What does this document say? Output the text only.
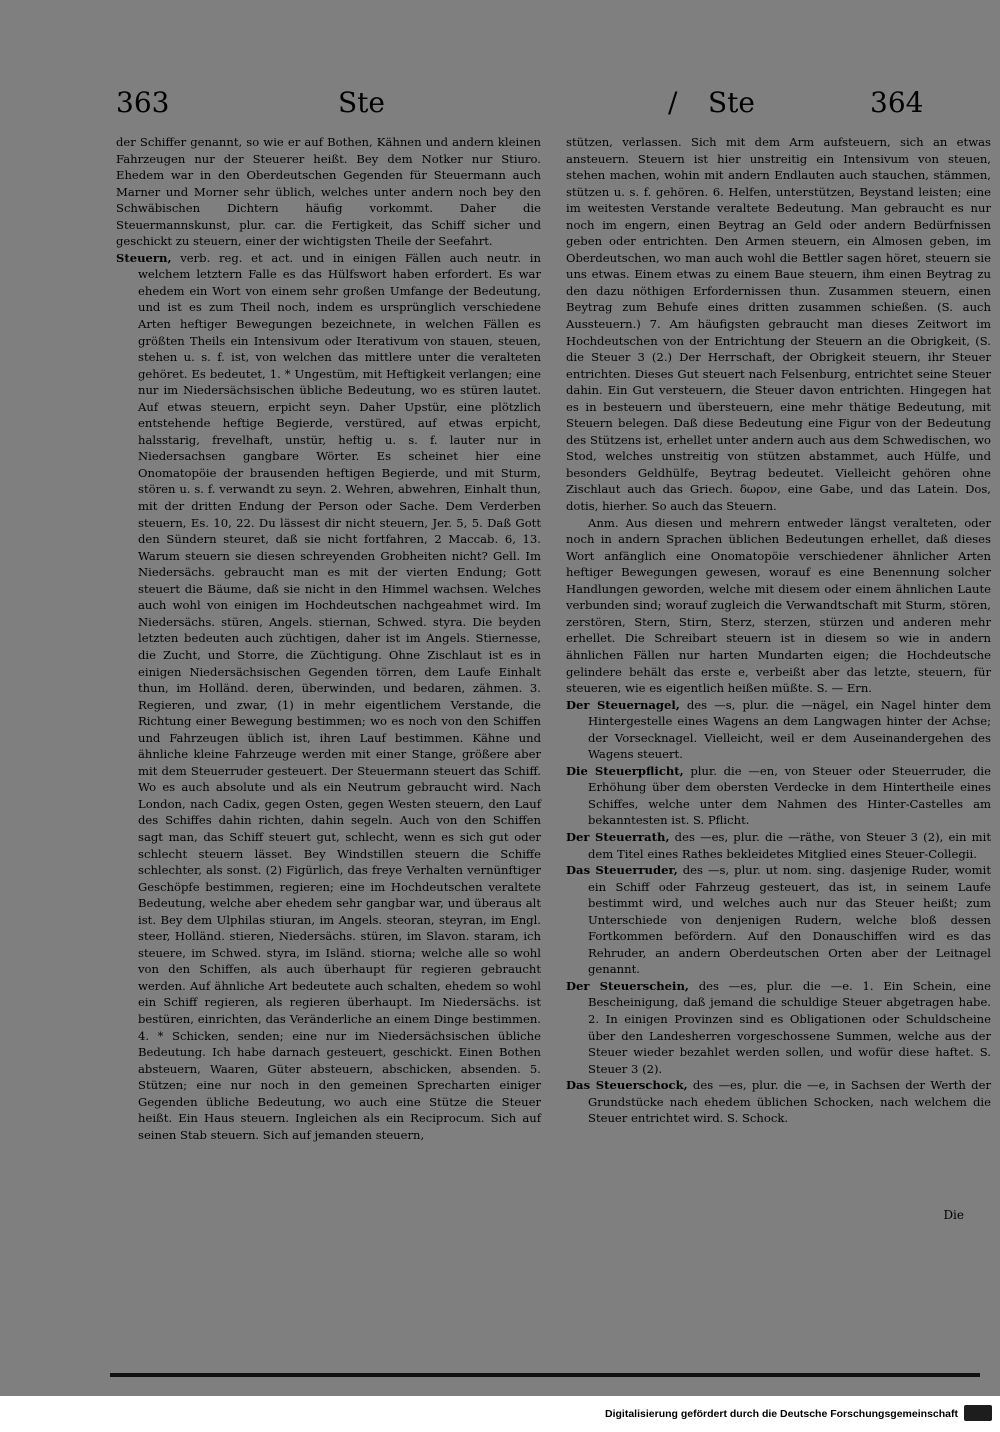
363	Ste	/ Ste	364

der Schiffer genannt, so wie er auf Bothen, Kähnen und andern kleinen Fahrzeugen nur der Steuerer heißt. Bey dem Notker nur Stiuro. Ehedem war in den Oberdeutschen Gegenden für Steuermann auch Marner und Morner sehr üblich, welches unter andern noch bey den Schwäbischen Dichtern häufig vorkommt. Daher die Steuermannskunst, plur. car. die Fertigkeit, das Schiff sicher und geschickt zu steuern, einer der wichtigsten Theile der Seefahrt.

Steuern, verb. reg. et act. und in einigen Fällen auch neutr. in welchem letztern Falle es das Hülfswort haben erfordert. Es war ehedem ein Wort von einem sehr großen Umfange der Bedeutung, und ist es zum Theil noch, indem es ursprünglich verschiedene Arten heftiger Bewegungen bezeichnete, in welchen Fällen es größten Theils ein Intensivum oder Iterativum von stauen, steuen, stehen u. s. f. ist, von welchen das mittlere unter die veralteten gehöret. Es bedeutet, 1. * Ungestüm, mit Heftigkeit verlangen; eine nur im Niedersächsischen übliche Bedeutung, wo es stüren lautet. Auf etwas steuern, erpicht seyn. Daher Upstür, eine plötzlich entstehende heftige Begierde, verstüred, auf etwas erpicht, halsstarig, frevelhaft, unstür, heftig u. s. f. lauter nur in Niedersachsen gangbare Wörter. Es scheinet hier eine Onomatopöie der brausenden heftigen Begierde, und mit Sturm, stören u. s. f. verwandt zu seyn. 2. Wehren, abwehren, Einhalt thun, mit der dritten Endung der Person oder Sache. Dem Verderben steuern, Es. 10, 22. Du lässest dir nicht steuern, Jer. 5, 5. Daß Gott den Sündern steuret, daß sie nicht fortfahren, 2 Maccab. 6, 13. Warum steuern sie diesen schreyenden Grobheiten nicht? Gell. Im Niedersächs. gebraucht man es mit der vierten Endung; Gott steuert die Bäume, daß sie nicht in den Himmel wachsen. Welches auch wohl von einigen im Hochdeutschen nachgeahmet wird. Im Niedersächs. stüren, Angels. stiernan, Schwed. styra. Die beyden letzten bedeuten auch züchtigen, daher ist im Angels. Stiernesse, die Zucht, und Storre, die Züchtigung. Ohne Zischlaut ist es in einigen Niedersächsischen Gegenden törren, dem Laufe Einhalt thun, im Holländ. deren, überwinden, und bedaren, zähmen. 3. Regieren, und zwar, (1) in mehr eigentlichem Verstande, die Richtung einer Bewegung bestimmen; wo es noch von den Schiffen und Fahrzeugen üblich ist, ihren Lauf bestimmen. Kähne und ähnliche kleine Fahrzeuge werden mit einer Stange, größere aber mit dem Steuerruder gesteuert. Der Steuermann steuert das Schiff. Wo es auch absolute und als ein Neutrum gebraucht wird. Nach London, nach Cadix, gegen Osten, gegen Westen steuern, den Lauf des Schiffes dahin richten, dahin segeln. Auch von den Schiffen sagt man, das Schiff steuert gut, schlecht, wenn es sich gut oder schlecht steuern lässet. Bey Windstillen steuern die Schiffe schlechter, als sonst. (2) Figürlich, das freye Verhalten vernünftiger Geschöpfe bestimmen, regieren; eine im Hochdeutschen veraltete Bedeutung, welche aber ehedem sehr gangbar war, und überaus alt ist. Bey dem Ulphilas stiuran, im Angels. steoran, steyran, im Engl. steer, Holländ. stieren, Niedersächs. stüren, im Slavon. staram, ich steuere, im Schwed. styra, im Isländ. stiorna; welche alle so wohl von den Schiffen, als auch überhaupt für regieren gebraucht werden. Auf ähnliche Art bedeutete auch schalten, ehedem so wohl ein Schiff regieren, als regieren überhaupt. Im Niedersächs. ist bestüren, einrichten, das Veränderliche an einem Dinge bestimmen. 4. * Schicken, senden; eine nur im Niedersächsischen übliche Bedeutung. Ich habe darnach gesteuert, geschickt. Einen Bothen absteuern, Waaren, Güter absteuern, abschicken, absenden. 5. Stützen; eine nur noch in den gemeinen Sprecharten einiger Gegenden übliche Bedeutung, wo auch eine Stütze die Steuer heißt. Ein Haus steuern. Ingleichen als ein Reciprocum. Sich auf seinen Stab steuern. Sich auf jemanden steuern,

stützen, verlassen. Sich mit dem Arm aufsteuern, sich an etwas ansteuern. Steuern ist hier unstreitig ein Intensivum von steuen, stehen machen, wohin mit andern Endlauten auch stauchen, stämmen, stützen u. s. f. gehören. 6. Helfen, unterstützen, Beystand leisten; eine im weitesten Verstande veraltete Bedeutung. Man gebraucht es nur noch im engern, einen Beytrag an Geld oder andern Bedürfnissen geben oder entrichten. Den Armen steuern, ein Almosen geben, im Oberdeutschen, wo man auch wohl die Bettler sagen höret, steuern sie uns etwas. Einem etwas zu einem Baue steuern, ihm einen Beytrag zu den dazu nöthigen Erfordernissen thun. Zusammen steuern, einen Beytrag zum Behufe eines dritten zusammen schießen. (S. auch Aussteuern.) 7. Am häufigsten gebraucht man dieses Zeitwort im Hochdeutschen von der Entrichtung der Steuern an die Obrigkeit, (S. die Steuer 3 (2.) Der Herrschaft, der Obrigkeit steuern, ihr Steuer entrichten. Dieses Gut steuert nach Felsenburg, entrichtet seine Steuer dahin. Ein Gut versteuern, die Steuer davon entrichten. Hingegen hat es in besteuern und übersteuern, eine mehr thätige Bedeutung, mit Steuern belegen. Daß diese Bedeutung eine Figur von der Bedeutung des Stützens ist, erhellet unter andern auch aus dem Schwedischen, wo Stod, welches unstreitig von stützen abstammet, auch Hülfe, und besonders Geldhülfe, Beytrag bedeutet. Vielleicht gehören ohne Zischlaut auch das Griech. δωρον, eine Gabe, und das Latein. Dos, dotis, hierher. So auch das Steuern.

Anm. Aus diesen und mehrern entweder längst veralteten, oder noch in andern Sprachen üblichen Bedeutungen erhellet, daß dieses Wort anfänglich eine Onomatopöie verschiedener ähnlicher Arten heftiger Bewegungen gewesen, worauf es eine Benennung solcher Handlungen geworden, welche mit diesem oder einem ähnlichen Laute verbunden sind; worauf zugleich die Verwandtschaft mit Sturm, stören, zerstören, Stern, Stirn, Sterz, sterzen, stürzen und anderen mehr erhellet. Die Schreibart steuern ist in diesem so wie in andern ähnlichen Fällen nur harten Mundarten eigen; die Hochdeutsche gelindere behält das erste e, verbeißt aber das letzte, steuern, für steueren, wie es eigentlich heißen müßte. S. — Ern.

Der Steuernagel, des —s, plur. die —nägel, ein Nagel hinter dem Hintergestelle eines Wagens an dem Langwagen hinter der Achse; der Vorsecknagel. Vielleicht, weil er dem Auseinandergehen des Wagens steuert.

Die Steuerpflicht, plur. die —en, von Steuer oder Steuerruder, die Erhöhung über dem obersten Verdecke in dem Hintertheile eines Schiffes, welche unter dem Nahmen des Hinter-Castelles am bekanntesten ist. S. Pflicht.

Der Steuerrath, des —es, plur. die —räthe, von Steuer 3 (2), ein mit dem Titel eines Rathes bekleidetes Mitglied eines Steuer-Collegii.

Das Steuerruder, des —s, plur. ut nom. sing. dasjenige Ruder, womit ein Schiff oder Fahrzeug gesteuert, das ist, in seinem Laufe bestimmt wird, und welches auch nur das Steuer heißt; zum Unterschiede von denjenigen Rudern, welche bloß dessen Fortkommen befördern. Auf den Donauschiffen wird es das Rehruder, an andern Oberdeutschen Orten aber der Leitnagel genannt.

Der Steuerschein, des —es, plur. die —e. 1. Ein Schein, eine Bescheinigung, daß jemand die schuldige Steuer abgetragen habe. 2. In einigen Provinzen sind es Obligationen oder Schuldscheine über den Landesherren vorgeschossene Summen, welche aus der Steuer wieder bezahlet werden sollen, und wofür diese haftet. S. Steuer 3 (2).

Das Steuerschock, des —es, plur. die —e, in Sachsen der Werth der Grundstücke nach ehedem üblichen Schocken, nach welchem die Steuer entrichtet wird. S. Schock.

Die
Digitalisierung gefördert durch die Deutsche Forschungsgemeinschaft
